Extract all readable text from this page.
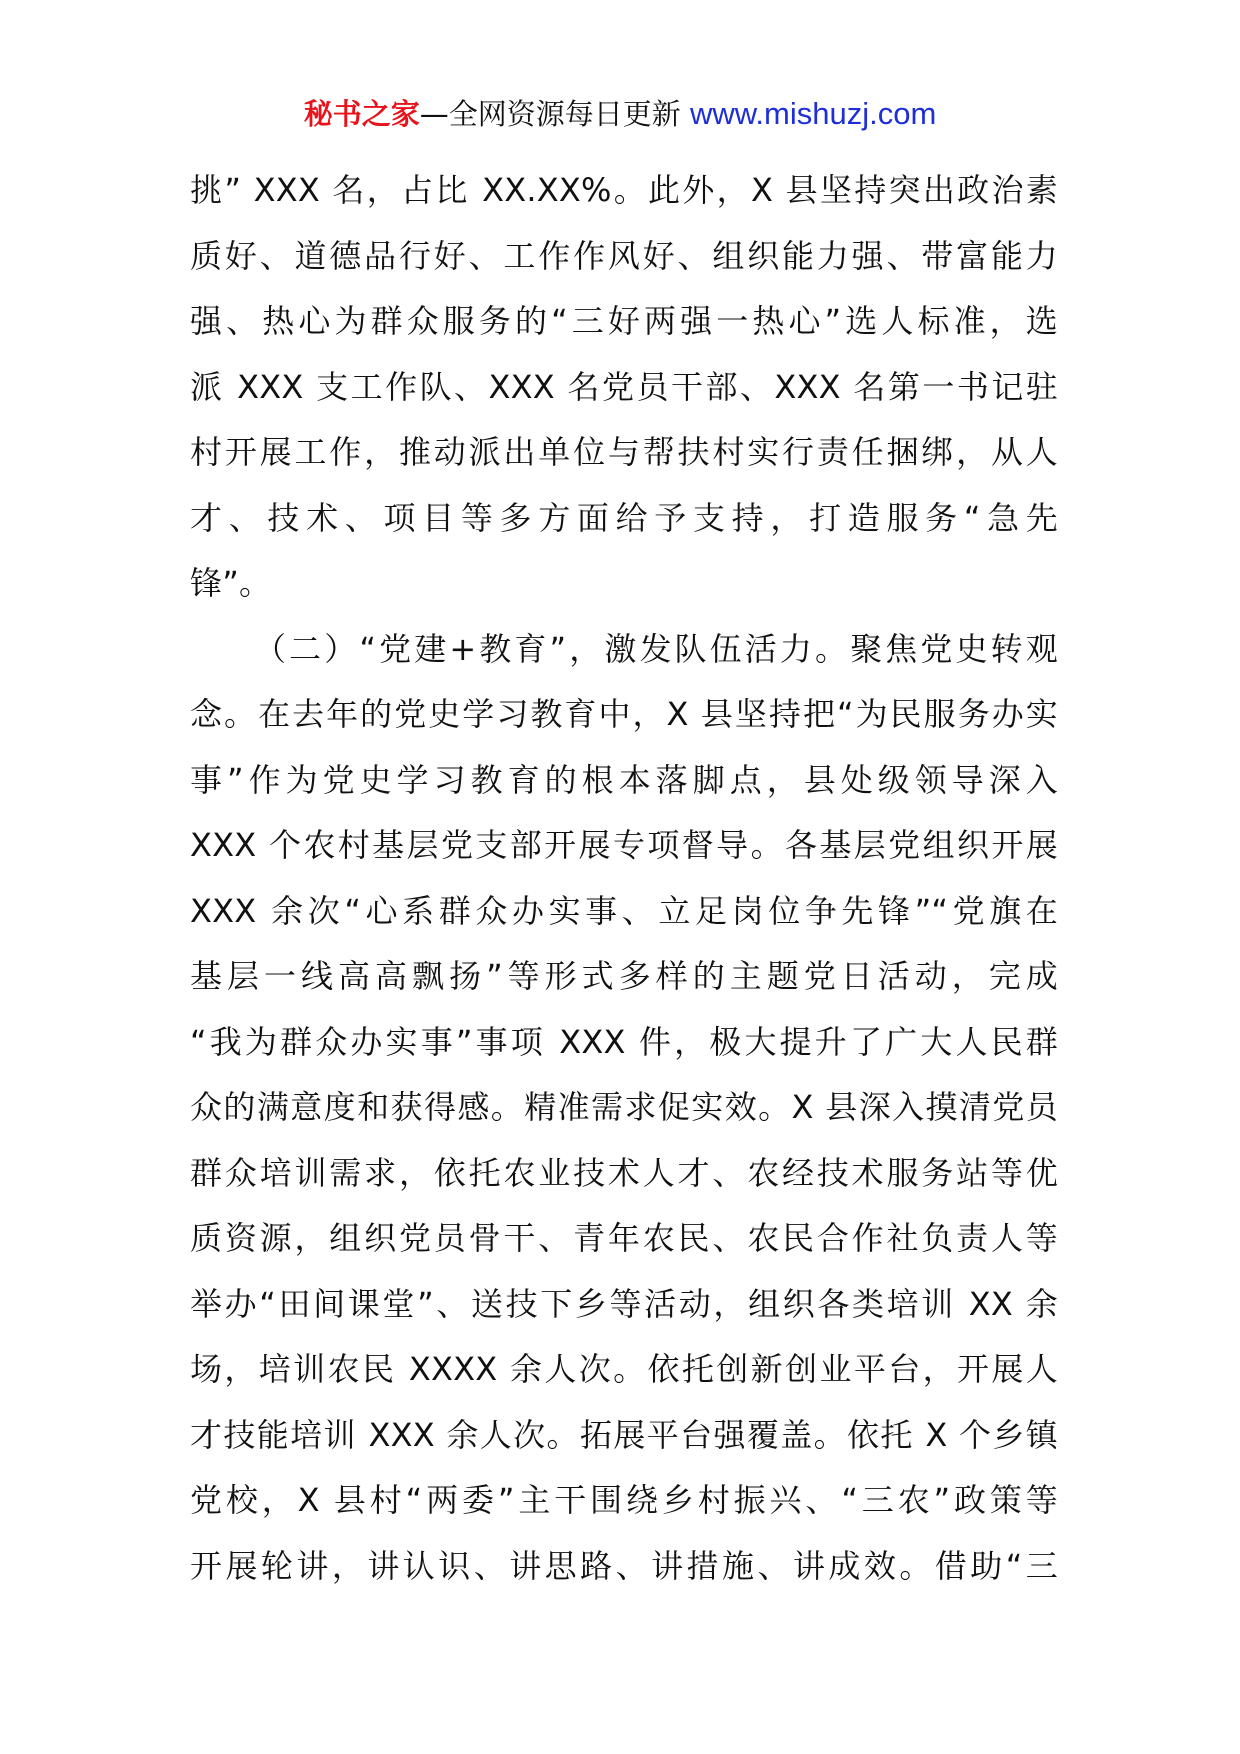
秘书之家—全网资源每日更新 www.mishuzj.com
挑” XXX 名，占比 XX.XX%。此外，X 县坚持突出政治素
质好、道德品行好、工作作风好、组织能力强、带富能力
强、热心为群众服务的“三好两强一热心”选人标准，选
派 XXX 支工作队、XXX 名党员干部、XXX 名第一书记驻
村开展工作，推动派出单位与帮扶村实行责任捆绑，从人
才、技术、项目等多方面给予支持，打造服务“急先
锋”。
（二）“党建+教育”，激发队伍活力。聚焦党史转观
念。在去年的党史学习教育中，X 县坚持把“为民服务办实
事”作为党史学习教育的根本落脚点，县处级领导深入
XXX 个农村基层党支部开展专项督导。各基层党组织开展
XXX 余次“心系群众办实事、立足岗位争先锋”“党旗在
基层一线高高飘扬”等形式多样的主题党日活动，完成
“我为群众办实事”事项 XXX 件，极大提升了广大人民群
众的满意度和获得感。精准需求促实效。X 县深入摸清党员
群众培训需求，依托农业技术人才、农经技术服务站等优
质资源，组织党员骨干、青年农民、农民合作社负责人等
举办“田间课堂”、送技下乡等活动，组织各类培训 XX 余
场，培训农民 XXXX 余人次。依托创新创业平台，开展人
才技能培训 XXX 余人次。拓展平台强覆盖。依托 X 个乡镇
党校，X 县村“两委”主干围绕乡村振兴、“三农”政策等
开展轮讲，讲认识、讲思路、讲措施、讲成效。借助“三
